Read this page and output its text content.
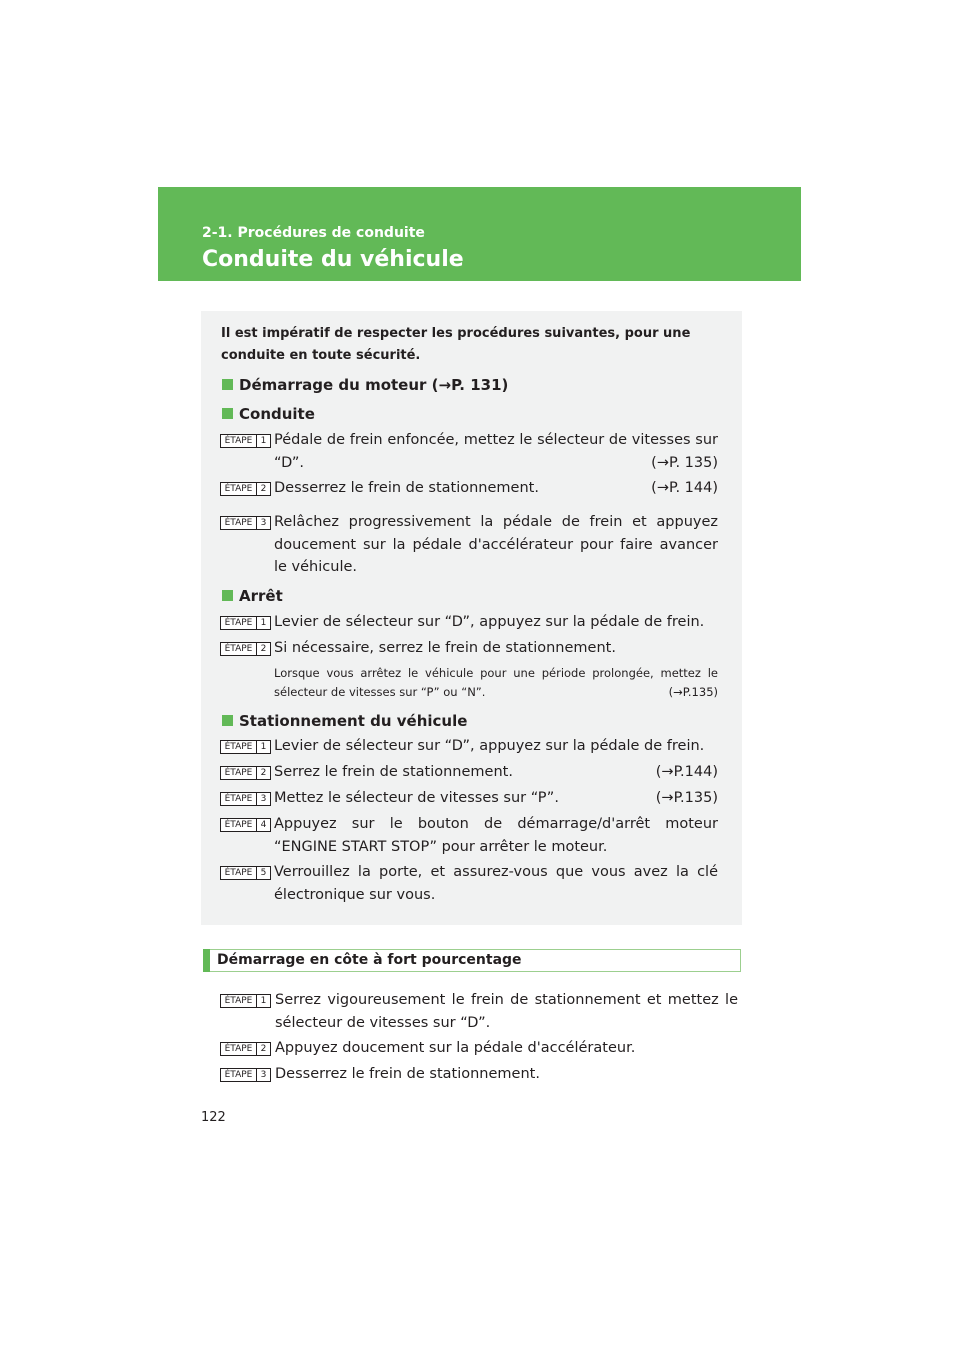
2-1. Procédures de conduite
Conduite du véhicule
Il est impératif de respecter les procédures suivantes, pour une conduite en toute sécurité.
Démarrage du moteur (→P. 131)
Conduite
ÉTAPE 1 Pédale de frein enfoncée, mettez le sélecteur de vitesses sur “D”.	(→P. 135)
ÉTAPE 2 Desserrez le frein de stationnement.	(→P. 144)
ÉTAPE 3 Relâchez progressivement la pédale de frein et appuyez doucement sur la pédale d'accélérateur pour faire avancer le véhicule.
Arrêt
ÉTAPE 1 Levier de sélecteur sur “D”, appuyez sur la pédale de frein.
ÉTAPE 2 Si nécessaire, serrez le frein de stationnement.
Lorsque vous arrêtez le véhicule pour une période prolongée, mettez le sélecteur de vitesses sur “P” ou “N”.	(→P.135)
Stationnement du véhicule
ÉTAPE 1 Levier de sélecteur sur “D”, appuyez sur la pédale de frein.
ÉTAPE 2 Serrez le frein de stationnement.	(→P.144)
ÉTAPE 3 Mettez le sélecteur de vitesses sur “P”.	(→P.135)
ÉTAPE 4 Appuyez sur le bouton de démarrage/d'arrêt moteur “ENGINE START STOP” pour arrêter le moteur.
ÉTAPE 5 Verrouillez la porte, et assurez-vous que vous avez la clé électronique sur vous.
Démarrage en côte à fort pourcentage
ÉTAPE 1 Serrez vigoureusement le frein de stationnement et mettez le sélecteur de vitesses sur “D”.
ÉTAPE 2 Appuyez doucement sur la pédale d'accélérateur.
ÉTAPE 3 Desserrez le frein de stationnement.
122
